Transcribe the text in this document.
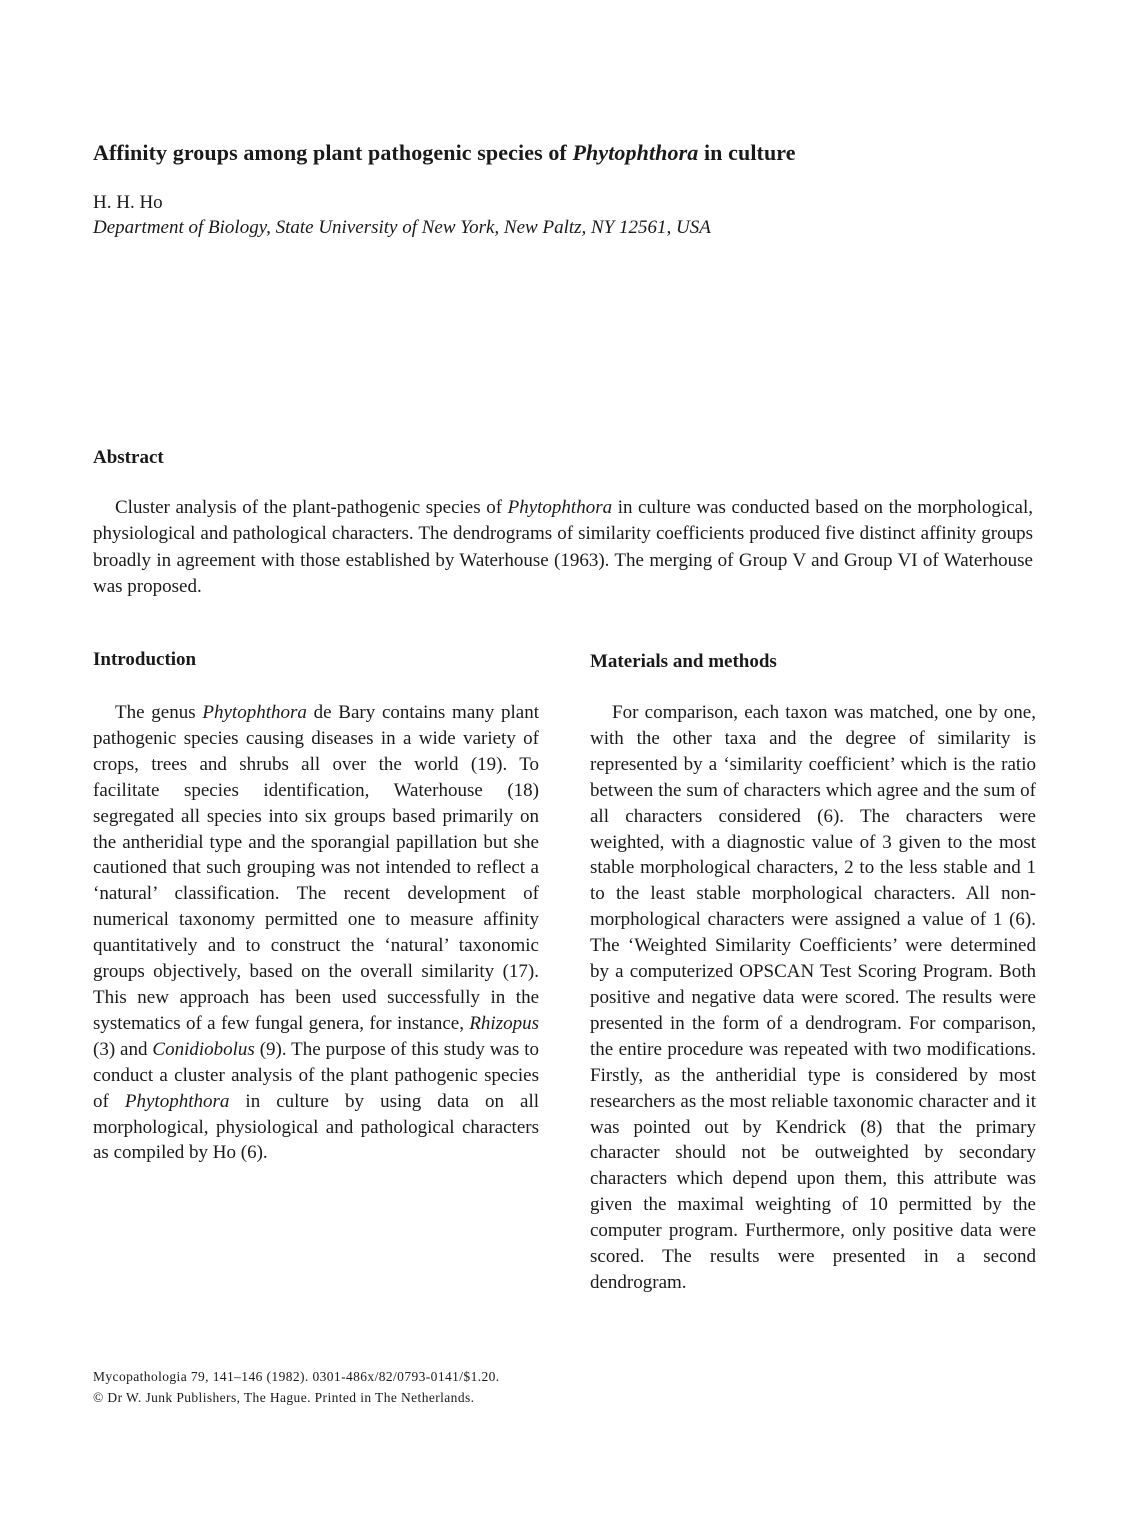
Affinity groups among plant pathogenic species of Phytophthora in culture
H. H. Ho
Department of Biology, State University of New York, New Paltz, NY 12561, USA
Abstract

Cluster analysis of the plant-pathogenic species of Phytophthora in culture was conducted based on the morphological, physiological and pathological characters. The dendrograms of similarity coefficients produced five distinct affinity groups broadly in agreement with those established by Waterhouse (1963). The merging of Group V and Group VI of Waterhouse was proposed.

Introduction

The genus Phytophthora de Bary contains many plant pathogenic species causing diseases in a wide variety of crops, trees and shrubs all over the world (19). To facilitate species identification, Waterhouse (18) segregated all species into six groups based primarily on the antheridial type and the sporangial papillation but she cautioned that such grouping was not intended to reflect a ‘natural’ classification. The recent development of numerical taxonomy permitted one to measure affinity quantitatively and to construct the ‘natural’ taxonomic groups objectively, based on the overall similarity (17). This new approach has been used successfully in the systematics of a few fungal genera, for instance, Rhizopus (3) and Conidiobolus (9). The purpose of this study was to conduct a cluster analysis of the plant pathogenic species of Phytophthora in culture by using data on all morphological, physiological and pathological characters as compiled by Ho (6).

Materials and methods

For comparison, each taxon was matched, one by one, with the other taxa and the degree of similarity is represented by a ‘similarity coefficient’ which is the ratio between the sum of characters which agree and the sum of all characters considered (6). The characters were weighted, with a diagnostic value of 3 given to the most stable morphological characters, 2 to the less stable and 1 to the least stable morphological characters. All non-morphological characters were assigned a value of 1 (6). The ‘Weighted Similarity Coefficients’ were determined by a computerized OPSCAN Test Scoring Program. Both positive and negative data were scored. The results were presented in the form of a dendrogram. For comparison, the entire procedure was repeated with two modifications. Firstly, as the antheridial type is considered by most researchers as the most reliable taxonomic character and it was pointed out by Kendrick (8) that the primary character should not be outweighted by secondary characters which depend upon them, this attribute was given the maximal weighting of 10 permitted by the computer program. Furthermore, only positive data were scored. The results were presented in a second dendrogram.

Mycopathologia 79, 141–146 (1982). 0301-486x/82/0793-0141/$1.20.
© Dr W. Junk Publishers, The Hague. Printed in The Netherlands.
